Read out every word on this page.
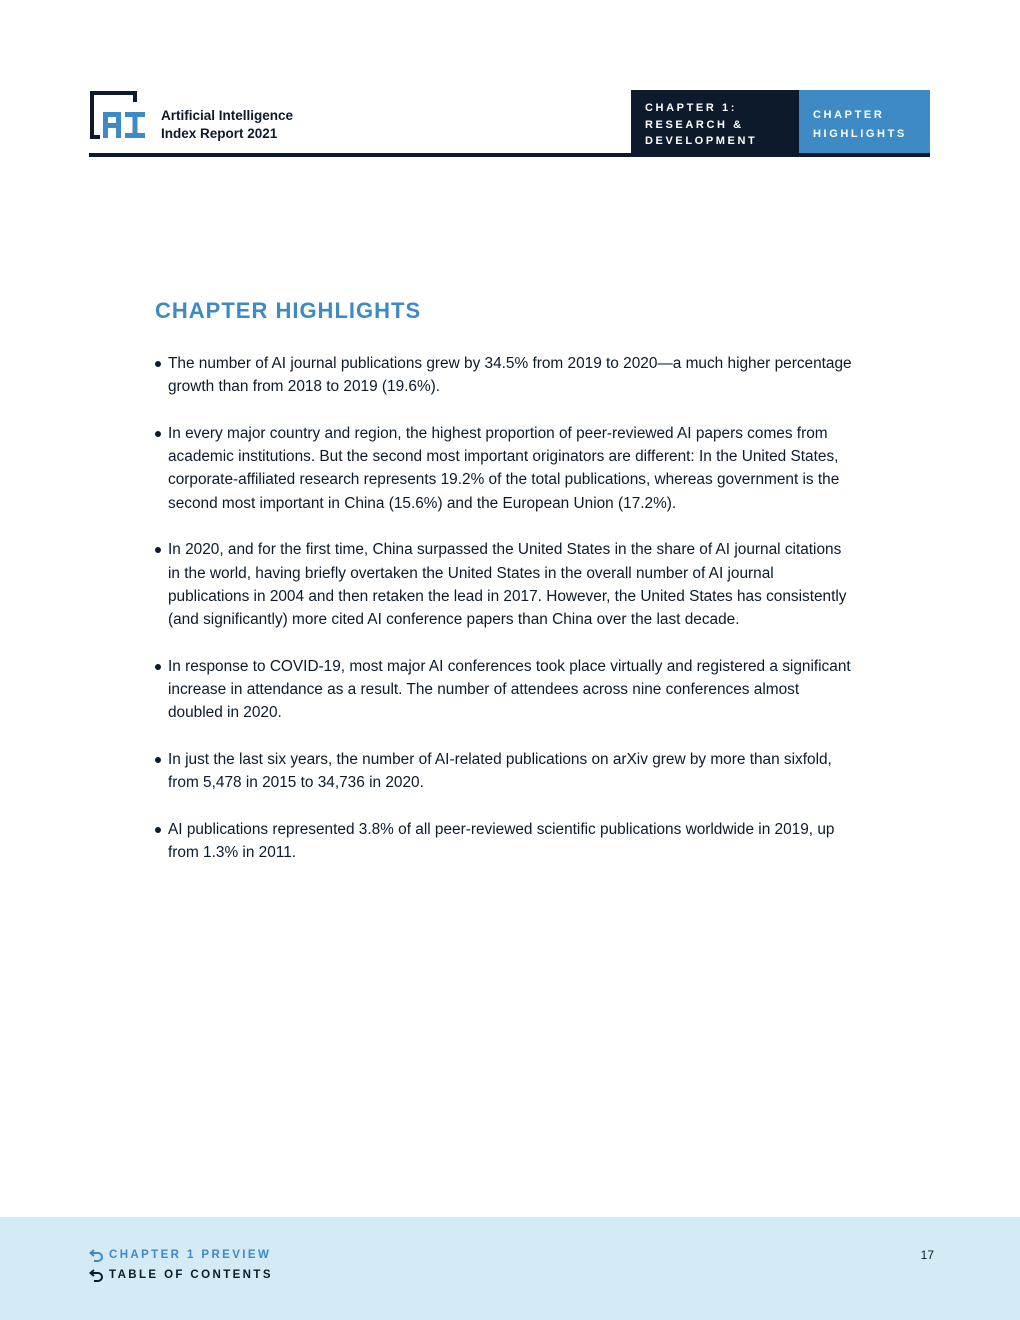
Artificial Intelligence
Index Report 2021
CHAPTER 1:
RESEARCH &
DEVELOPMENT
CHAPTER
HIGHLIGHTS
CHAPTER HIGHLIGHTS
The number of AI journal publications grew by 34.5% from 2019 to 2020—a much higher percentage growth than from 2018 to 2019 (19.6%).
In every major country and region, the highest proportion of peer-reviewed AI papers comes from academic institutions. But the second most important originators are different: In the United States, corporate-affiliated research represents 19.2% of the total publications, whereas government is the second most important in China (15.6%) and the European Union (17.2%).
In 2020, and for the first time, China surpassed the United States in the share of AI journal citations in the world, having briefly overtaken the United States in the overall number of AI journal publications in 2004 and then retaken the lead in 2017. However, the United States has consistently (and significantly) more cited AI conference papers than China over the last decade.
In response to COVID-19, most major AI conferences took place virtually and registered a significant increase in attendance as a result. The number of attendees across nine conferences almost doubled in 2020.
In just the last six years, the number of AI-related publications on arXiv grew by more than sixfold, from 5,478 in 2015 to 34,736 in 2020.
AI publications represented 3.8% of all peer-reviewed scientific publications worldwide in 2019, up from 1.3% in 2011.
CHAPTER 1 PREVIEW
TABLE OF CONTENTS
17
